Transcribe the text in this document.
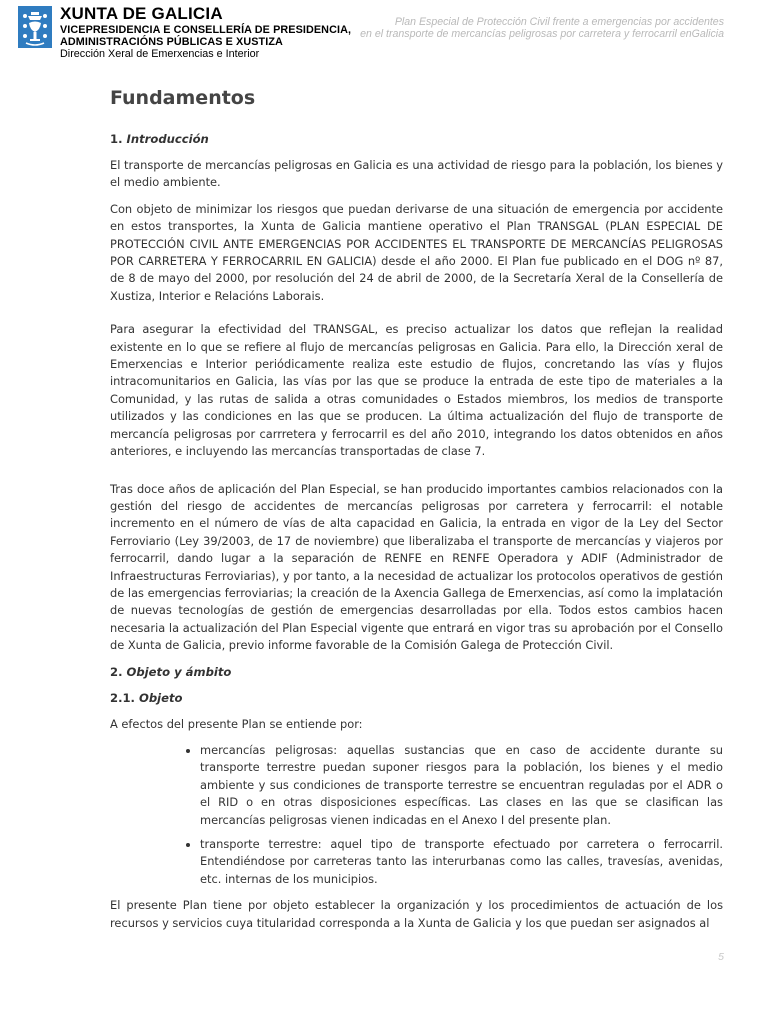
XUNTA DE GALICIA
VICEPRESIDENCIA E CONSELLERÍA DE PRESIDENCIA,
ADMINISTRACIÓNS PÚBLICAS E XUSTIZA
Dirección Xeral de Emerxencias e Interior
Plan Especial de Protección Civil frente a emergencias por accidentes
en el transporte de mercancías peligrosas por carretera y ferrocarril enGalicia
Fundamentos
1. Introducción

El transporte de mercancías peligrosas en Galicia es una actividad de riesgo para la población, los bienes y el medio ambiente.

Con objeto de minimizar los riesgos que puedan derivarse de una situación de emergencia por accidente en estos transportes, la Xunta de Galicia mantiene operativo el Plan TRANSGAL (PLAN ESPECIAL DE PROTECCIÓN CIVIL ANTE EMERGENCIAS POR ACCIDENTES EL TRANSPORTE DE MERCANCÍAS PELIGROSAS POR CARRETERA Y FERROCARRIL EN GALICIA) desde el año 2000. El Plan fue publicado en el DOG nº 87, de 8 de mayo del 2000, por resolución del 24 de abril de 2000, de la Secretaría Xeral de la Consellería de Xustiza, Interior e Relacións Laborais.

Para asegurar la efectividad del TRANSGAL, es preciso actualizar los datos que reflejan la realidad existente en lo que se refiere al flujo de mercancías peligrosas en Galicia. Para ello, la Dirección xeral de Emerxencias e Interior periódicamente realiza este estudio de flujos, concretando las vías y flujos intracomunitarios en Galicia, las vías por las que se produce la entrada de este tipo de materiales a la Comunidad, y las rutas de salida a otras comunidades o Estados miembros, los medios de transporte utilizados y las condiciones en las que se producen. La última actualización del flujo de transporte de mercancía peligrosas por carrretera y ferrocarril es del año 2010, integrando los datos obtenidos en años anteriores, e incluyendo las mercancías transportadas de clase 7.

Tras doce años de aplicación del Plan Especial, se han producido importantes cambios relacionados con la gestión del riesgo de accidentes de mercancías peligrosas por carretera y ferrocarril: el notable incremento en el número de vías de alta capacidad en Galicia, la entrada en vigor de la Ley del Sector Ferroviario (Ley 39/2003, de 17 de noviembre) que liberalizaba el transporte de mercancías y viajeros por ferrocarril, dando lugar a la separación de RENFE en RENFE Operadora y ADIF (Administrador de Infraestructuras Ferroviarias), y por tanto, a la necesidad de actualizar los protocolos operativos de gestión de las emergencias ferroviarias; la creación de la Axencia Gallega de Emerxencias, así como la implatación de nuevas tecnologías de gestión de emergencias desarrolladas por ella. Todos estos cambios hacen necesaria la actualización del Plan Especial vigente que entrará en vigor tras su aprobación por el Consello de Xunta de Galicia, previo informe favorable de la Comisión Galega de Protección Civil.

2. Objeto y ámbito
2.1. Objeto

A efectos del presente Plan se entiende por:

• mercancías peligrosas: aquellas sustancias que en caso de accidente durante su transporte terrestre puedan suponer riesgos para la población, los bienes y el medio ambiente y sus condiciones de transporte terrestre se encuentran reguladas por el ADR o el RID o en otras disposiciones específicas. Las clases en las que se clasifican las mercancías peligrosas vienen indicadas en el Anexo I del presente plan.
• transporte terrestre: aquel tipo de transporte efectuado por carretera o ferrocarril. Entendiéndose por carreteras tanto las interurbanas como las calles, travesías, avenidas, etc. internas de los municipios.

El presente Plan tiene por objeto establecer la organización y los procedimientos de actuación de los recursos y servicios cuya titularidad corresponda a la Xunta de Galicia y los que puedan ser asignados al

5
